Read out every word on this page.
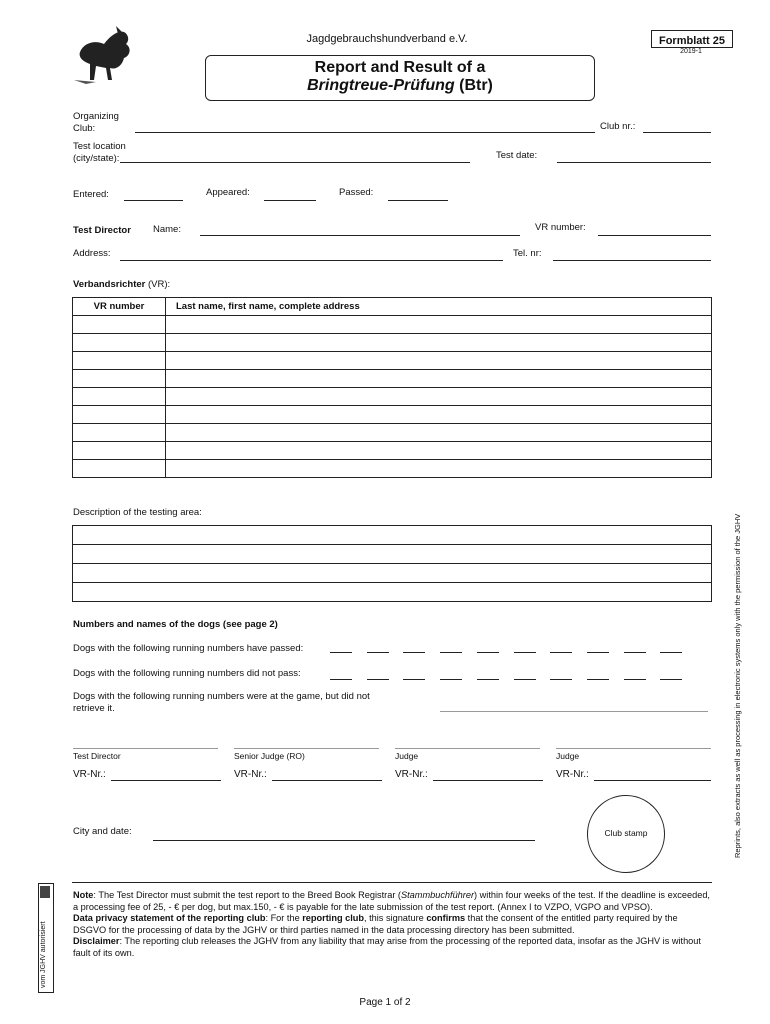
Jagdgebrauchshundverband e.V.	Formblatt 25
2019-1
Report and Result of a
Bringtreue-Prüfung (Btr)
Organizing
Club:	Club nr.:
Test location
(city/state):	Test date:
Entered:	Appeared:	Passed:
Test Director Name:	VR number:
Address:	Tel. nr:
Verbandsrichter (VR):
VR number	Last name, first name, complete address

Description of the testing area:

Numbers and names of the dogs (see page 2)
Dogs with the following running numbers have passed:
Dogs with the following running numbers did not pass:
Dogs with the following running numbers were at the game, but did not
retrieve it.
Test Director	Senior Judge (RO)	Judge	Judge
VR-Nr.:	VR-Nr.:	VR-Nr.:	VR-Nr.:
City and date:	Club stamp	Reprints, also extracts as well as processing in electronic systems only with the permission of the JGHV
vom JGHV autorisiert

Note: The Test Director must submit the test report to the Breed Book Registrar (Stammbuchführer) within four weeks of the test. If the deadline is exceeded, a processing fee of 25, - € per dog, but max.150, - € is payable for the late submission of the test report. (Annex I to VZPO, VGPO and VPSO).

Data privacy statement of the reporting club: For the reporting club, this signature confirms that the consent of the entitled party required by the DSGVO for the processing of data by the JGHV or third parties named in the data processing directory has been submitted.

Disclaimer: The reporting club releases the JGHV from any liability that may arise from the processing of the reported data, insofar as the JGHV is without fault of its own.

Page 1 of 2
